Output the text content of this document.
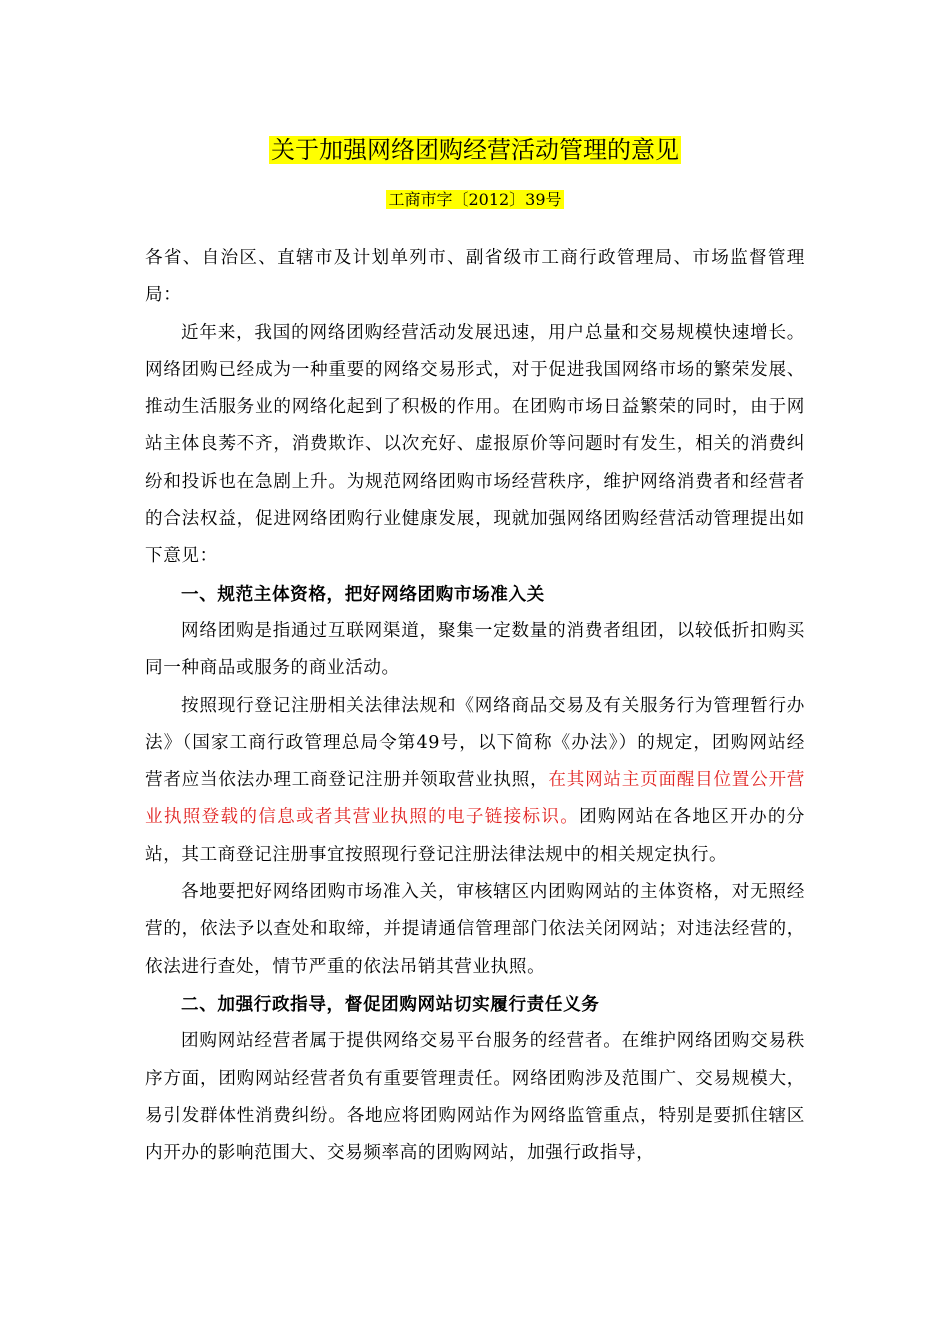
关于加强网络团购经营活动管理的意见
工商市字〔2012〕39号

各省、自治区、直辖市及计划单列市、副省级市工商行政管理局、市场监督管理局：

近年来，我国的网络团购经营活动发展迅速，用户总量和交易规模快速增长。网络团购已经成为一种重要的网络交易形式，对于促进我国网络市场的繁荣发展、推动生活服务业的网络化起到了积极的作用。在团购市场日益繁荣的同时，由于网站主体良莠不齐，消费欺诈、以次充好、虚报原价等问题时有发生，相关的消费纠纷和投诉也在急剧上升。为规范网络团购市场经营秩序，维护网络消费者和经营者的合法权益，促进网络团购行业健康发展，现就加强网络团购经营活动管理提出如下意见：

一、规范主体资格，把好网络团购市场准入关

网络团购是指通过互联网渠道，聚集一定数量的消费者组团，以较低折扣购买同一种商品或服务的商业活动。

按照现行登记注册相关法律法规和《网络商品交易及有关服务行为管理暂行办法》（国家工商行政管理总局令第49号，以下简称《办法》）的规定，团购网站经营者应当依法办理工商登记注册并领取营业执照，在其网站主页面醒目位置公开营业执照登载的信息或者其营业执照的电子链接标识。团购网站在各地区开办的分站，其工商登记注册事宜按照现行登记注册法律法规中的相关规定执行。

各地要把好网络团购市场准入关，审核辖区内团购网站的主体资格，对无照经营的，依法予以查处和取缔，并提请通信管理部门依法关闭网站；对违法经营的，依法进行查处，情节严重的依法吊销其营业执照。

二、加强行政指导，督促团购网站切实履行责任义务

团购网站经营者属于提供网络交易平台服务的经营者。在维护网络团购交易秩序方面，团购网站经营者负有重要管理责任。网络团购涉及范围广、交易规模大，易引发群体性消费纠纷。各地应将团购网站作为网络监管重点，特别是要抓住辖区内开办的影响范围大、交易频率高的团购网站，加强行政指导，
